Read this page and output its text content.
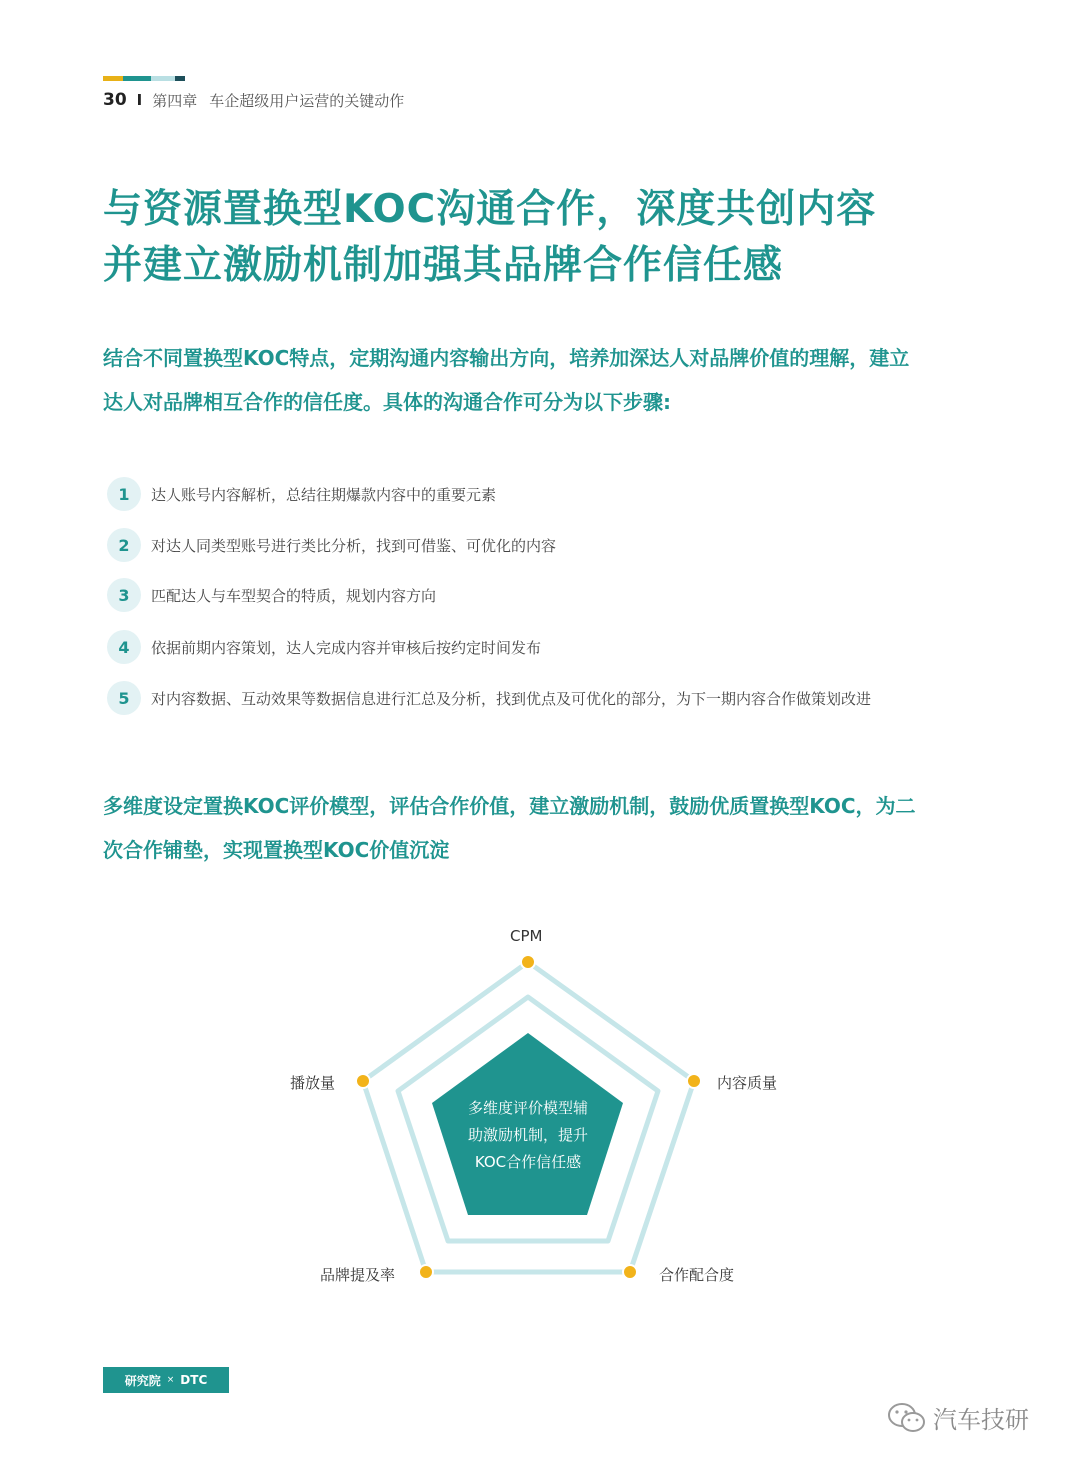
30 I 第四章 车企超级用户运营的关键动作
与资源置换型KOC沟通合作，深度共创内容
并建立激励机制加强其品牌合作信任感
结合不同置换型KOC特点，定期沟通内容输出方向，培养加深达人对品牌价值的理解，建立
达人对品牌相互合作的信任度。具体的沟通合作可分为以下步骤:
1	达人账号内容解析，总结往期爆款内容中的重要元素
2	对达人同类型账号进行类比分析，找到可借鉴、可优化的内容
3	匹配达人与车型契合的特质，规划内容方向
4	依据前期内容策划，达人完成内容并审核后按约定时间发布
5	对内容数据、互动效果等数据信息进行汇总及分析，找到优点及可优化的部分，为下一期内容合作做策划改进
多维度设定置换KOC评价模型，评估合作价值，建立激励机制，鼓励优质置换型KOC，为二
次合作铺垫，实现置换型KOC价值沉淀
CPM
内容质量
合作配合度
品牌提及率
播放量
多维度评价模型辅
助激励机制，提升
KOC合作信任感
研究院 × DTC
汽车技研
